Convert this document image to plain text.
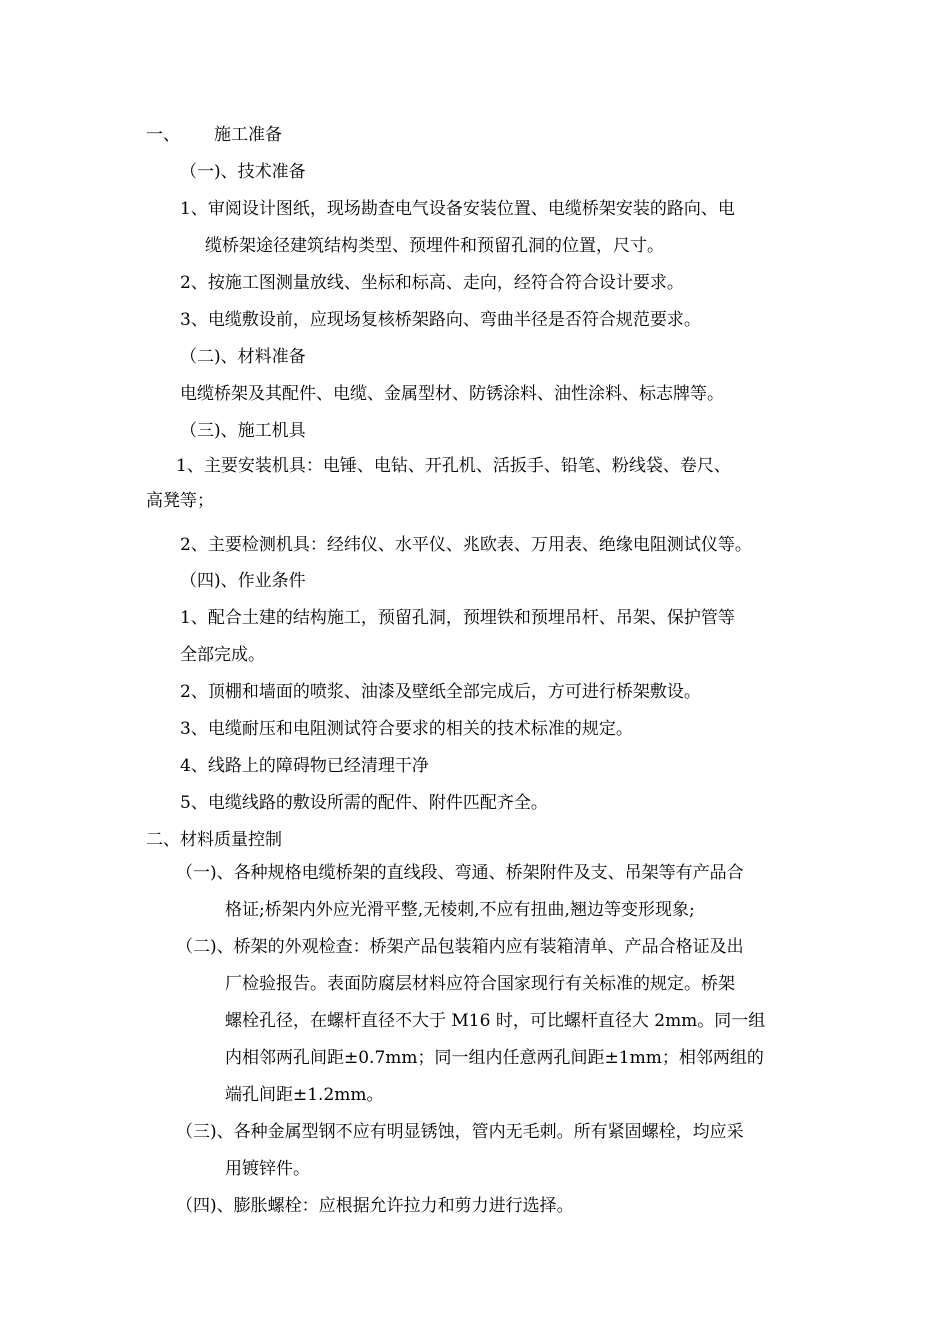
一、 施工准备
（一)、技术准备
1、审阅设计图纸，现场勘查电气设备安装位置、电缆桥架安装的路向、电
缆桥架途径建筑结构类型、预埋件和预留孔洞的位置，尺寸。
2、按施工图测量放线、坐标和标高、走向，经符合符合设计要求。
3、电缆敷设前，应现场复核桥架路向、弯曲半径是否符合规范要求。
（二)、材料准备
电缆桥架及其配件、电缆、金属型材、防锈涂料、油性涂料、标志牌等。
（三)、施工机具
1、主要安装机具：电锤、电钻、开孔机、活扳手、铅笔、粉线袋、卷尺、
高凳等；
2、主要检测机具：经纬仪、水平仪、兆欧表、万用表、绝缘电阻测试仪等。
（四)、作业条件
1、配合土建的结构施工，预留孔洞，预埋铁和预埋吊杆、吊架、保护管等
全部完成。
2、顶棚和墙面的喷浆、油漆及壁纸全部完成后，方可进行桥架敷设。
3、电缆耐压和电阻测试符合要求的相关的技术标准的规定。
4、线路上的障碍物已经清理干净
5、电缆线路的敷设所需的配件、附件匹配齐全。
二、材料质量控制
（一)、各种规格电缆桥架的直线段、弯通、桥架附件及支、吊架等有产品合
格证;桥架内外应光滑平整,无棱刺,不应有扭曲,翘边等变形现象;
（二)、桥架的外观检查：桥架产品包装箱内应有装箱清单、产品合格证及出
厂检验报告。表面防腐层材料应符合国家现行有关标准的规定。桥架
螺栓孔径，在螺杆直径不大于 M16 时，可比螺杆直径大 2mm。同一组
内相邻两孔间距±0.7mm；同一组内任意两孔间距±1mm；相邻两组的
端孔间距±1.2mm。
（三)、各种金属型钢不应有明显锈蚀，管内无毛刺。所有紧固螺栓，均应采
用镀锌件。
（四)、膨胀螺栓：应根据允许拉力和剪力进行选择。
